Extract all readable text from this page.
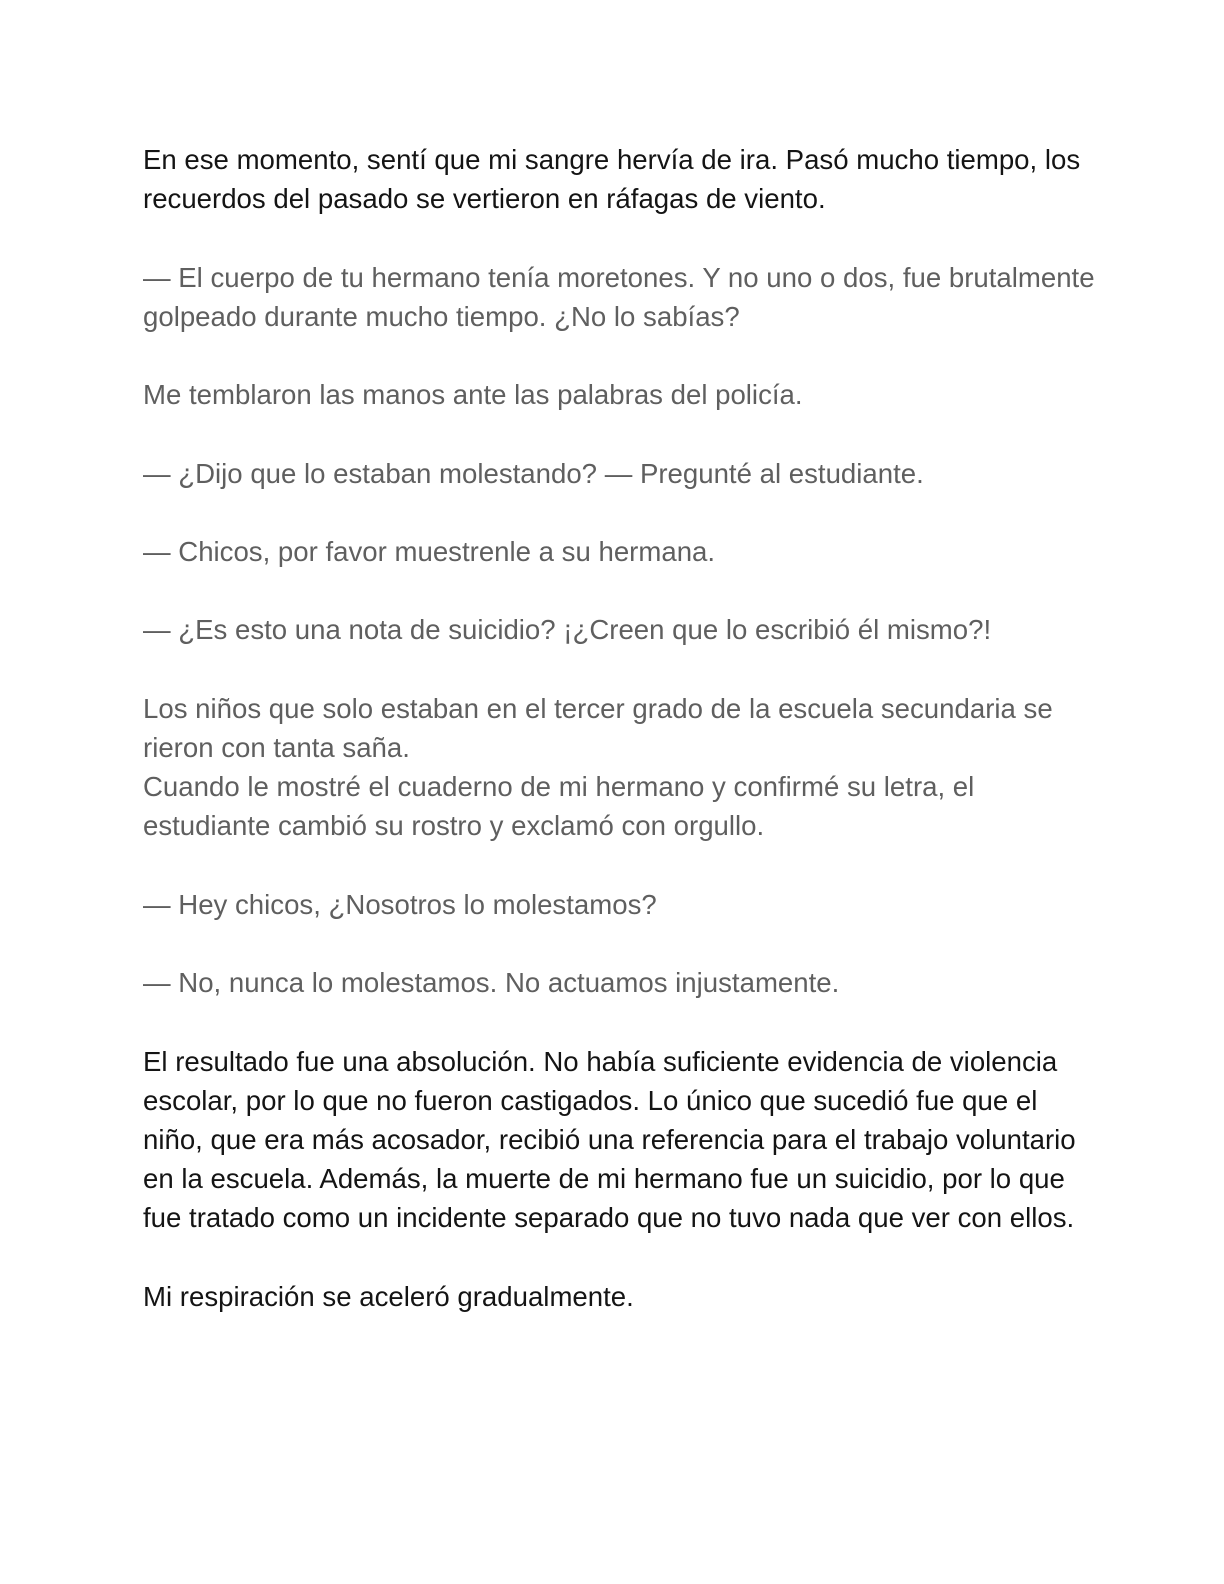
En ese momento, sentí que mi sangre hervía de ira. Pasó mucho tiempo, los recuerdos del pasado se vertieron en ráfagas de viento.

— El cuerpo de tu hermano tenía moretones. Y no uno o dos, fue brutalmente golpeado durante mucho tiempo. ¿No lo sabías?

Me temblaron las manos ante las palabras del policía.

— ¿Dijo que lo estaban molestando? — Pregunté al estudiante.

— Chicos, por favor muestrenle a su hermana.

— ¿Es esto una nota de suicidio? ¡¿Creen que lo escribió él mismo?!

Los niños que solo estaban en el tercer grado de la escuela secundaria se rieron con tanta saña.

Cuando le mostré el cuaderno de mi hermano y confirmé su letra, el estudiante cambió su rostro y exclamó con orgullo.

— Hey chicos, ¿Nosotros lo molestamos?

— No, nunca lo molestamos. No actuamos injustamente.

El resultado fue una absolución. No había suficiente evidencia de violencia escolar, por lo que no fueron castigados. Lo único que sucedió fue que el niño, que era más acosador, recibió una referencia para el trabajo voluntario en la escuela. Además, la muerte de mi hermano fue un suicidio, por lo que fue tratado como un incidente separado que no tuvo nada que ver con ellos.

Mi respiración se aceleró gradualmente.
